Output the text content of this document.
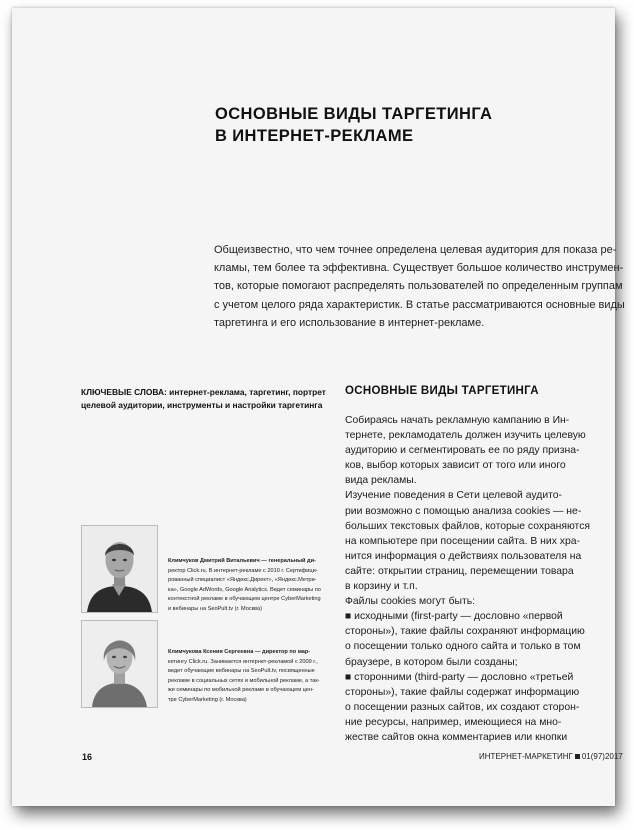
ОСНОВНЫЕ ВИДЫ ТАРГЕТИНГА
В ИНТЕРНЕТ-РЕКЛАМЕ
Общеизвестно, что чем точнее определена целевая аудитория для показа ре-
кламы, тем более та эффективна. Существует большое количество инструмен-
тов, которые помогают распределять пользователей по определенным группам
с учетом целого ряда характеристик. В статье рассматриваются основные виды
таргетинга и его использование в интернет-рекламе.
КЛЮЧЕВЫЕ СЛОВА: интернет-реклама, таргетинг, портрет
целевой аудитории, инструменты и настройки таргетинга
ОСНОВНЫЕ ВИДЫ ТАРГЕТИНГА
Собираясь начать рекламную кампанию в Ин-
тернете, рекламодатель должен изучить целевую
аудиторию и сегментировать ее по ряду призна-
ков, выбор которых зависит от того или иного
вида рекламы.
Изучение поведения в Сети целевой аудито-
рии возможно с помощью анализа cookies — не-
больших текстовых файлов, которые сохраняются
на компьютере при посещении сайта. В них хра-
нится информация о действиях пользователя на
сайте: открытии страниц, перемещении товара
в корзину и т.п.
Файлы cookies могут быть:
■ исходными (first-party — дословно «первой
стороны»), такие файлы сохраняют информацию
о посещении только одного сайта и только в том
браузере, в котором были созданы;
■ сторонними (third-party — дословно «третьей
стороны»), такие файлы содержат информацию
о посещении разных сайтов, их создают сторон-
ние ресурсы, например, имеющиеся на мно-
жестве сайтов окна комментариев или кнопки
Климчуков Дмитрий Витальевич — генеральный ди-
ректор Click.ru. В интернет-рекламе с 2010 г. Сертифици-
рованный специалист «Яндекс.Директ», «Яндекс.Метри-
ка», Google AdWords, Google Analytics. Ведет семинары по
контекстной рекламе в обучающем центре CyberMarketing
и вебинары на SeoPult.tv (г. Москва)
Климчукова Ксения Сергеевна — директор по мар-
кетингу Click.ru. Занимается интернет-рекламой с 2009 г.,
ведет обучающие вебинары на SeoPult.tv, посвященные
рекламе в социальных сетях и мобильной рекламе, а так-
же семинары по мобильной рекламе в обучающем цен-
тре CyberMarketing (г. Москва)
16	ИНТЕРНЕТ-МАРКЕТИНГ 01(97)2017
